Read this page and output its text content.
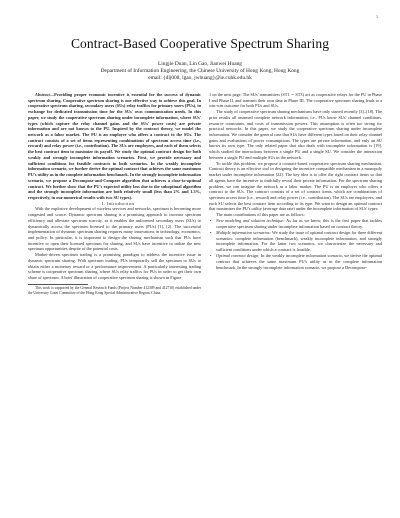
1
Contract-Based Cooperative Spectrum Sharing
Lingjie Duan, Lin Gao, Jianwei Huang
Department of Information Engineering, the Chinese University of Hong Kong, Hong Kong
email: {dlj008, lgao, jwhuang}@ie.cuhk.edu.hk

Abstract—Providing proper economic incentive is essential for the success of dynamic spectrum sharing. Cooperative spectrum sharing is one effective way to achieve this goal. In cooperative spectrum sharing, secondary users (SUs) relay traffics for primary users (PUs), in exchange for dedicated transmission time for the SUs' own communication needs. In this paper, we study the cooperative spectrum sharing under incomplete information, where SUs' types (which capture the relay channel gains and the SUs' power costs) are private information and are not known to the PU. Inspired by the contract theory, we model the network as a labor market. The PU is an employer who offers a contract to the SUs. The contract consists of a set of items representing combinations of spectrum access time (i.e., reward) and relay power (i.e., contribution). The SUs are employees, and each of them selects the best contract item to maximize its payoff. We study the optimal contract design for both weakly and strongly incomplete information scenarios. First, we provide necessary and sufficient conditions for feasible contracts in both scenarios. In the weakly incomplete information scenario, we further derive the optimal contract that achieves the same maximum PU's utility as in the complete information benchmark. In the strongly incomplete information scenario, we propose a Decompose-and-Compare algorithm that achieves a close-to-optimal contract. We further show that the PU's expected utility loss due to the suboptimal algorithm and the strongly incomplete information are both relatively small (less than 2% and 1.3%, respectively, in our numerical results with two SU types).

I. Introduction

With the explosive development of wireless services and networks, spectrum is becoming more congested and scarce. Dynamic spectrum sharing is a promising approach to increase spectrum efficiency and alleviate spectrum scarcity, as it enables the unlicensed secondary users (SUs) to dynamically access the spectrum licensed to the primary users (PUs) [1], [2]. The successful implementation of dynamic spectrum sharing requires many innovations in technology, economics, and policy. In particular, it is important to design the sharing mechanism such that PUs have incentive to open their licensed spectrum for sharing, and SUs have incentive to utilize the new spectrum opportunities despite of the potential costs.

Market-driven spectrum trading is a promising paradigm to address the incentive issue in dynamic spectrum sharing. With spectrum trading, PUs temporarily sell the spectrum to SUs to obtain either a monetary reward or a performance improvement. A particularly interesting trading scheme is cooperative spectrum sharing, where SUs relay traffics for PUs in order to get their own share of spectrum. A brief illustration of cooperative spectrum sharing is shown in Figure

This work is supported by the General Research Funds (Project Number 412309 and 412710) established under the University Grant Committee of the Hong Kong Special Administrative Region, China.

1 on the next page. The SUs' transmitters (ST1 ∼ ST3) act as cooperative relays for the PU in Phase I and Phase II, and transmit their own data in Phase III. The cooperative spectrum sharing leads to a win-win outcome for both PUs and SUs.

The study of cooperative spectrum sharing mechanisms have only started recently [3]–[18]. The prior results all assumed complete network information, i.e., PUs know SUs' channel conditions, resource constraints, and costs of transmission powers. This assumption is often too strong for practical networks. In this paper, we study the cooperative spectrum sharing under incomplete information. We consider the general case that SUs have different types based on their relay channel gains and evaluations of power consumptions. The types are private information, and only an SU knows its own type. The only related paper that also deals with incomplete information is [19], which studied the interactions between a single PU and a single SU. We consider the interaction between a single PU and multiple SUs in the network.

To tackle this problem, we propose a contract-based cooperative spectrum sharing mechanism. Contract theory is an effective tool in designing the incentive compatible mechanism in a monopoly market under incomplete information [22]. The key idea is to offer the right contract items so that all agents have the incentive to truthfully reveal their private information. For the spectrum sharing problem, we can imagine the network as a labor market. The PU is an employer who offers a contract to the SUs. The contract consists of a set of contract items, which are combinations of spectrum access time (i.e., reward) and relay power (i.e., contribution). The SUs are employees, and each SU selects the best contract item according to its type. We want to design an optimal contract that maximizes the PU's utility (average data rate) under the incomplete information of SUs' types.

The main contributions of this paper are as follows:

• New modeling and solution technique: As far as we know, this is the first paper that tackles cooperative spectrum sharing under incomplete information based on contract theory.
• Multiple information scenarios: We study the issue of optimal contract design for three different scenarios: complete information (benchmark), weakly incomplete information, and strongly incomplete information. For the latter two scenarios, we characterize the necessary and sufficient conditions under which a contract is feasible.
• Optimal contract design: In the weakly incomplete information scenario, we derive the optimal contract that achieves the same maximum PU's utility as in the complete information benchmark. In the strongly incomplete information scenario, we propose a Decompose-
